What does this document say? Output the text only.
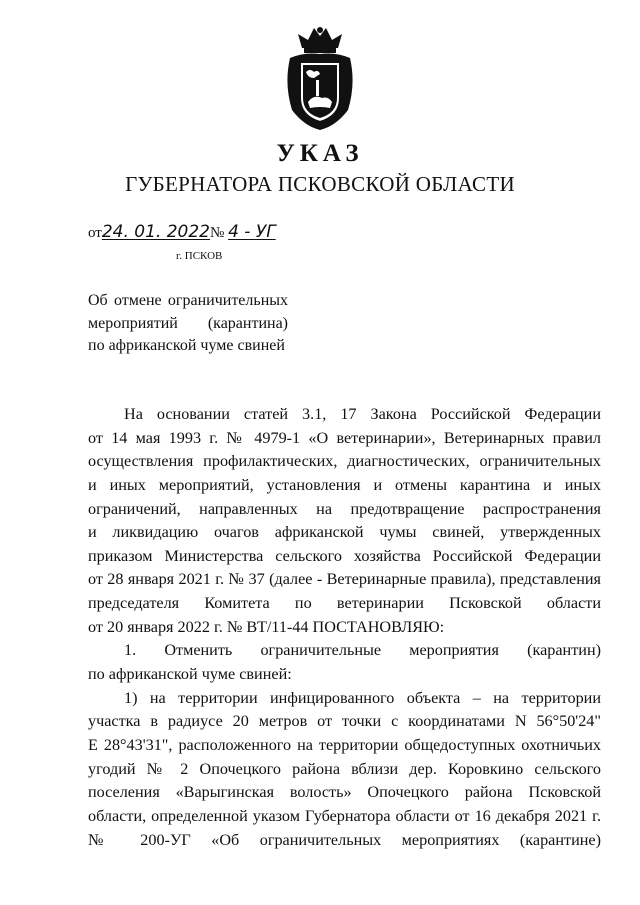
УКАЗ
ГУБЕРНАТОРА ПСКОВСКОЙ ОБЛАСТИ
от24. 01. 2022№ 4 - УГ
г. ПСКОВ

Об отмене ограничительных

мероприятий (карантина)

по африканской чуме свиней

На основании статей 3.1, 17 Закона Российской Федерации

от 14 мая 1993 г. № 4979-1 «О ветеринарии», Ветеринарных правил

осуществления профилактических, диагностических, ограничительных

и иных мероприятий, установления и отмены карантина и иных

ограничений, направленных на предотвращение распространения

и ликвидацию очагов африканской чумы свиней, утвержденных

приказом Министерства сельского хозяйства Российской Федерации

от 28 января 2021 г. № 37 (далее - Ветеринарные правила), представления

председателя Комитета по ветеринарии Псковской области

от 20 января 2022 г. № ВТ/11-44 ПОСТАНОВЛЯЮ:

1. Отменить ограничительные мероприятия (карантин)

по африканской чуме свиней:

1) на территории инфицированного объекта – на территории

участка в радиусе 20 метров от точки с координатами N 56°50'24"

E 28°43'31", расположенного на территории общедоступных охотничьих

угодий № 2 Опочецкого района вблизи дер. Коровкино сельского

поселения «Варыгинская волость» Опочецкого района Псковской

области, определенной указом Губернатора области от 16 декабря 2021 г.

№ 200-УГ «Об ограничительных мероприятиях (карантине)
